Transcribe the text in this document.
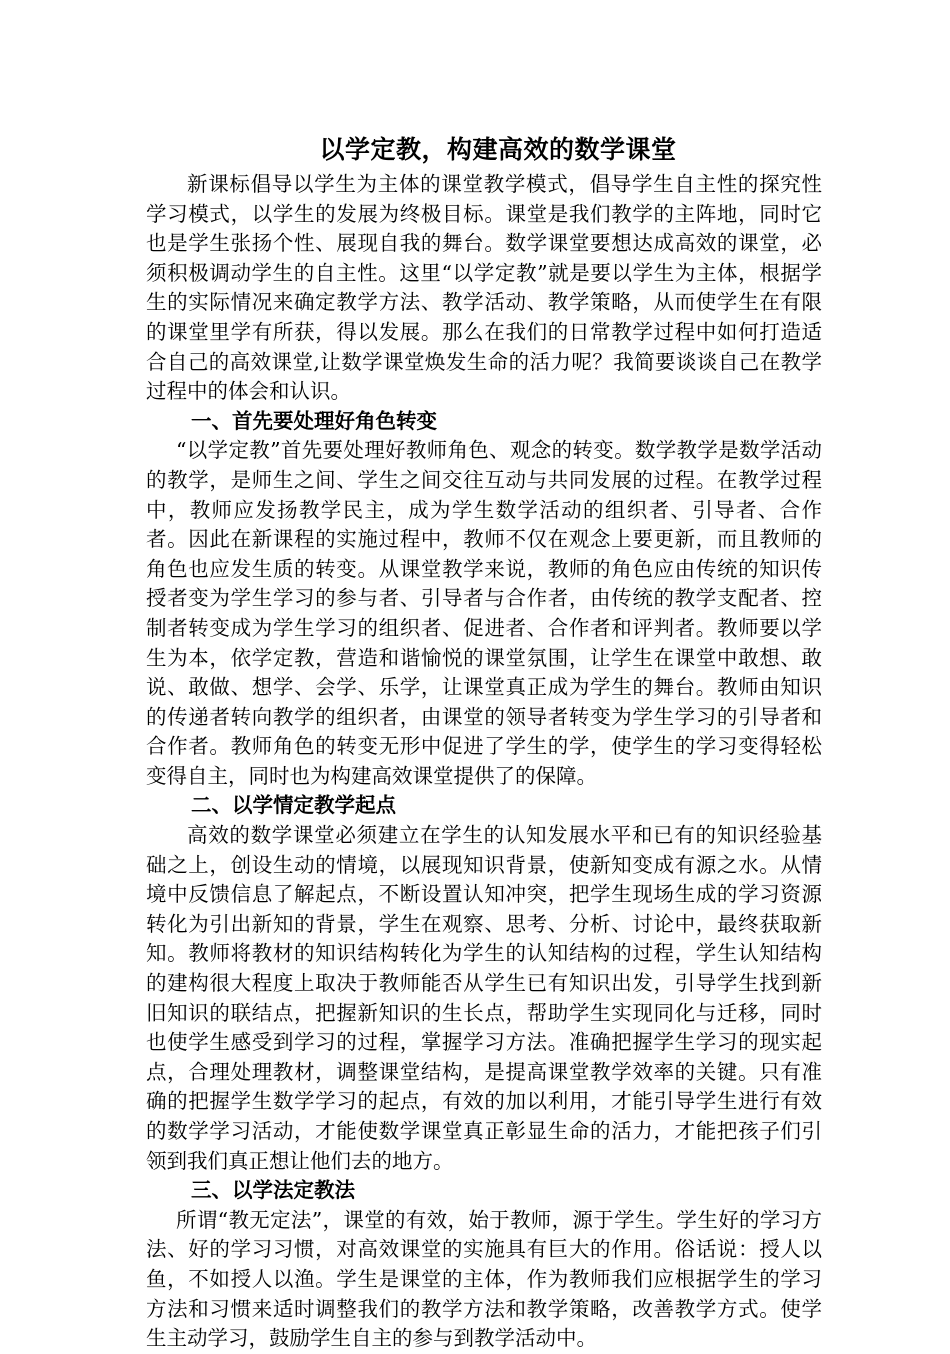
以学定教，构建高效的数学课堂

新课标倡导以学生为主体的课堂教学模式，倡导学生自主性的探究性学习模式，以学生的发展为终极目标。课堂是我们教学的主阵地，同时它也是学生张扬个性、展现自我的舞台。数学课堂要想达成高效的课堂，必须积极调动学生的自主性。这里“以学定教”就是要以学生为主体，根据学生的实际情况来确定教学方法、教学活动、教学策略，从而使学生在有限的课堂里学有所获，得以发展。那么在我们的日常教学过程中如何打造适合自己的高效课堂,让数学课堂焕发生命的活力呢？我简要谈谈自己在教学过程中的体会和认识。

一、首先要处理好角色转变

“以学定教”首先要处理好教师角色、观念的转变。数学教学是数学活动的教学，是师生之间、学生之间交往互动与共同发展的过程。在教学过程中，教师应发扬教学民主，成为学生数学活动的组织者、引导者、合作者。因此在新课程的实施过程中，教师不仅在观念上要更新，而且教师的角色也应发生质的转变。从课堂教学来说，教师的角色应由传统的知识传授者变为学生学习的参与者、引导者与合作者，由传统的教学支配者、控制者转变成为学生学习的组织者、促进者、合作者和评判者。教师要以学生为本，依学定教，营造和谐愉悦的课堂氛围，让学生在课堂中敢想、敢说、敢做、想学、会学、乐学，让课堂真正成为学生的舞台。教师由知识的传递者转向教学的组织者，由课堂的领导者转变为学生学习的引导者和合作者。教师角色的转变无形中促进了学生的学，使学生的学习变得轻松变得自主，同时也为构建高效课堂提供了的保障。

二、以学情定教学起点

高效的数学课堂必须建立在学生的认知发展水平和已有的知识经验基础之上，创设生动的情境，以展现知识背景，使新知变成有源之水。从情境中反馈信息了解起点，不断设置认知冲突，把学生现场生成的学习资源转化为引出新知的背景，学生在观察、思考、分析、讨论中，最终获取新知。教师将教材的知识结构转化为学生的认知结构的过程，学生认知结构的建构很大程度上取决于教师能否从学生已有知识出发，引导学生找到新旧知识的联结点，把握新知识的生长点，帮助学生实现同化与迁移，同时也使学生感受到学习的过程，掌握学习方法。准确把握学生学习的现实起点，合理处理教材，调整课堂结构，是提高课堂教学效率的关键。只有准确的把握学生数学学习的起点，有效的加以利用，才能引导学生进行有效的数学学习活动，才能使数学课堂真正彰显生命的活力，才能把孩子们引领到我们真正想让他们去的地方。

三、以学法定教法

所谓“教无定法”，课堂的有效，始于教师，源于学生。学生好的学习方法、好的学习习惯，对高效课堂的实施具有巨大的作用。俗话说：授人以鱼，不如授人以渔。学生是课堂的主体，作为教师我们应根据学生的学习方法和习惯来适时调整我们的教学方法和教学策略，改善教学方式。使学生主动学习，鼓励学生自主的参与到教学活动中。
